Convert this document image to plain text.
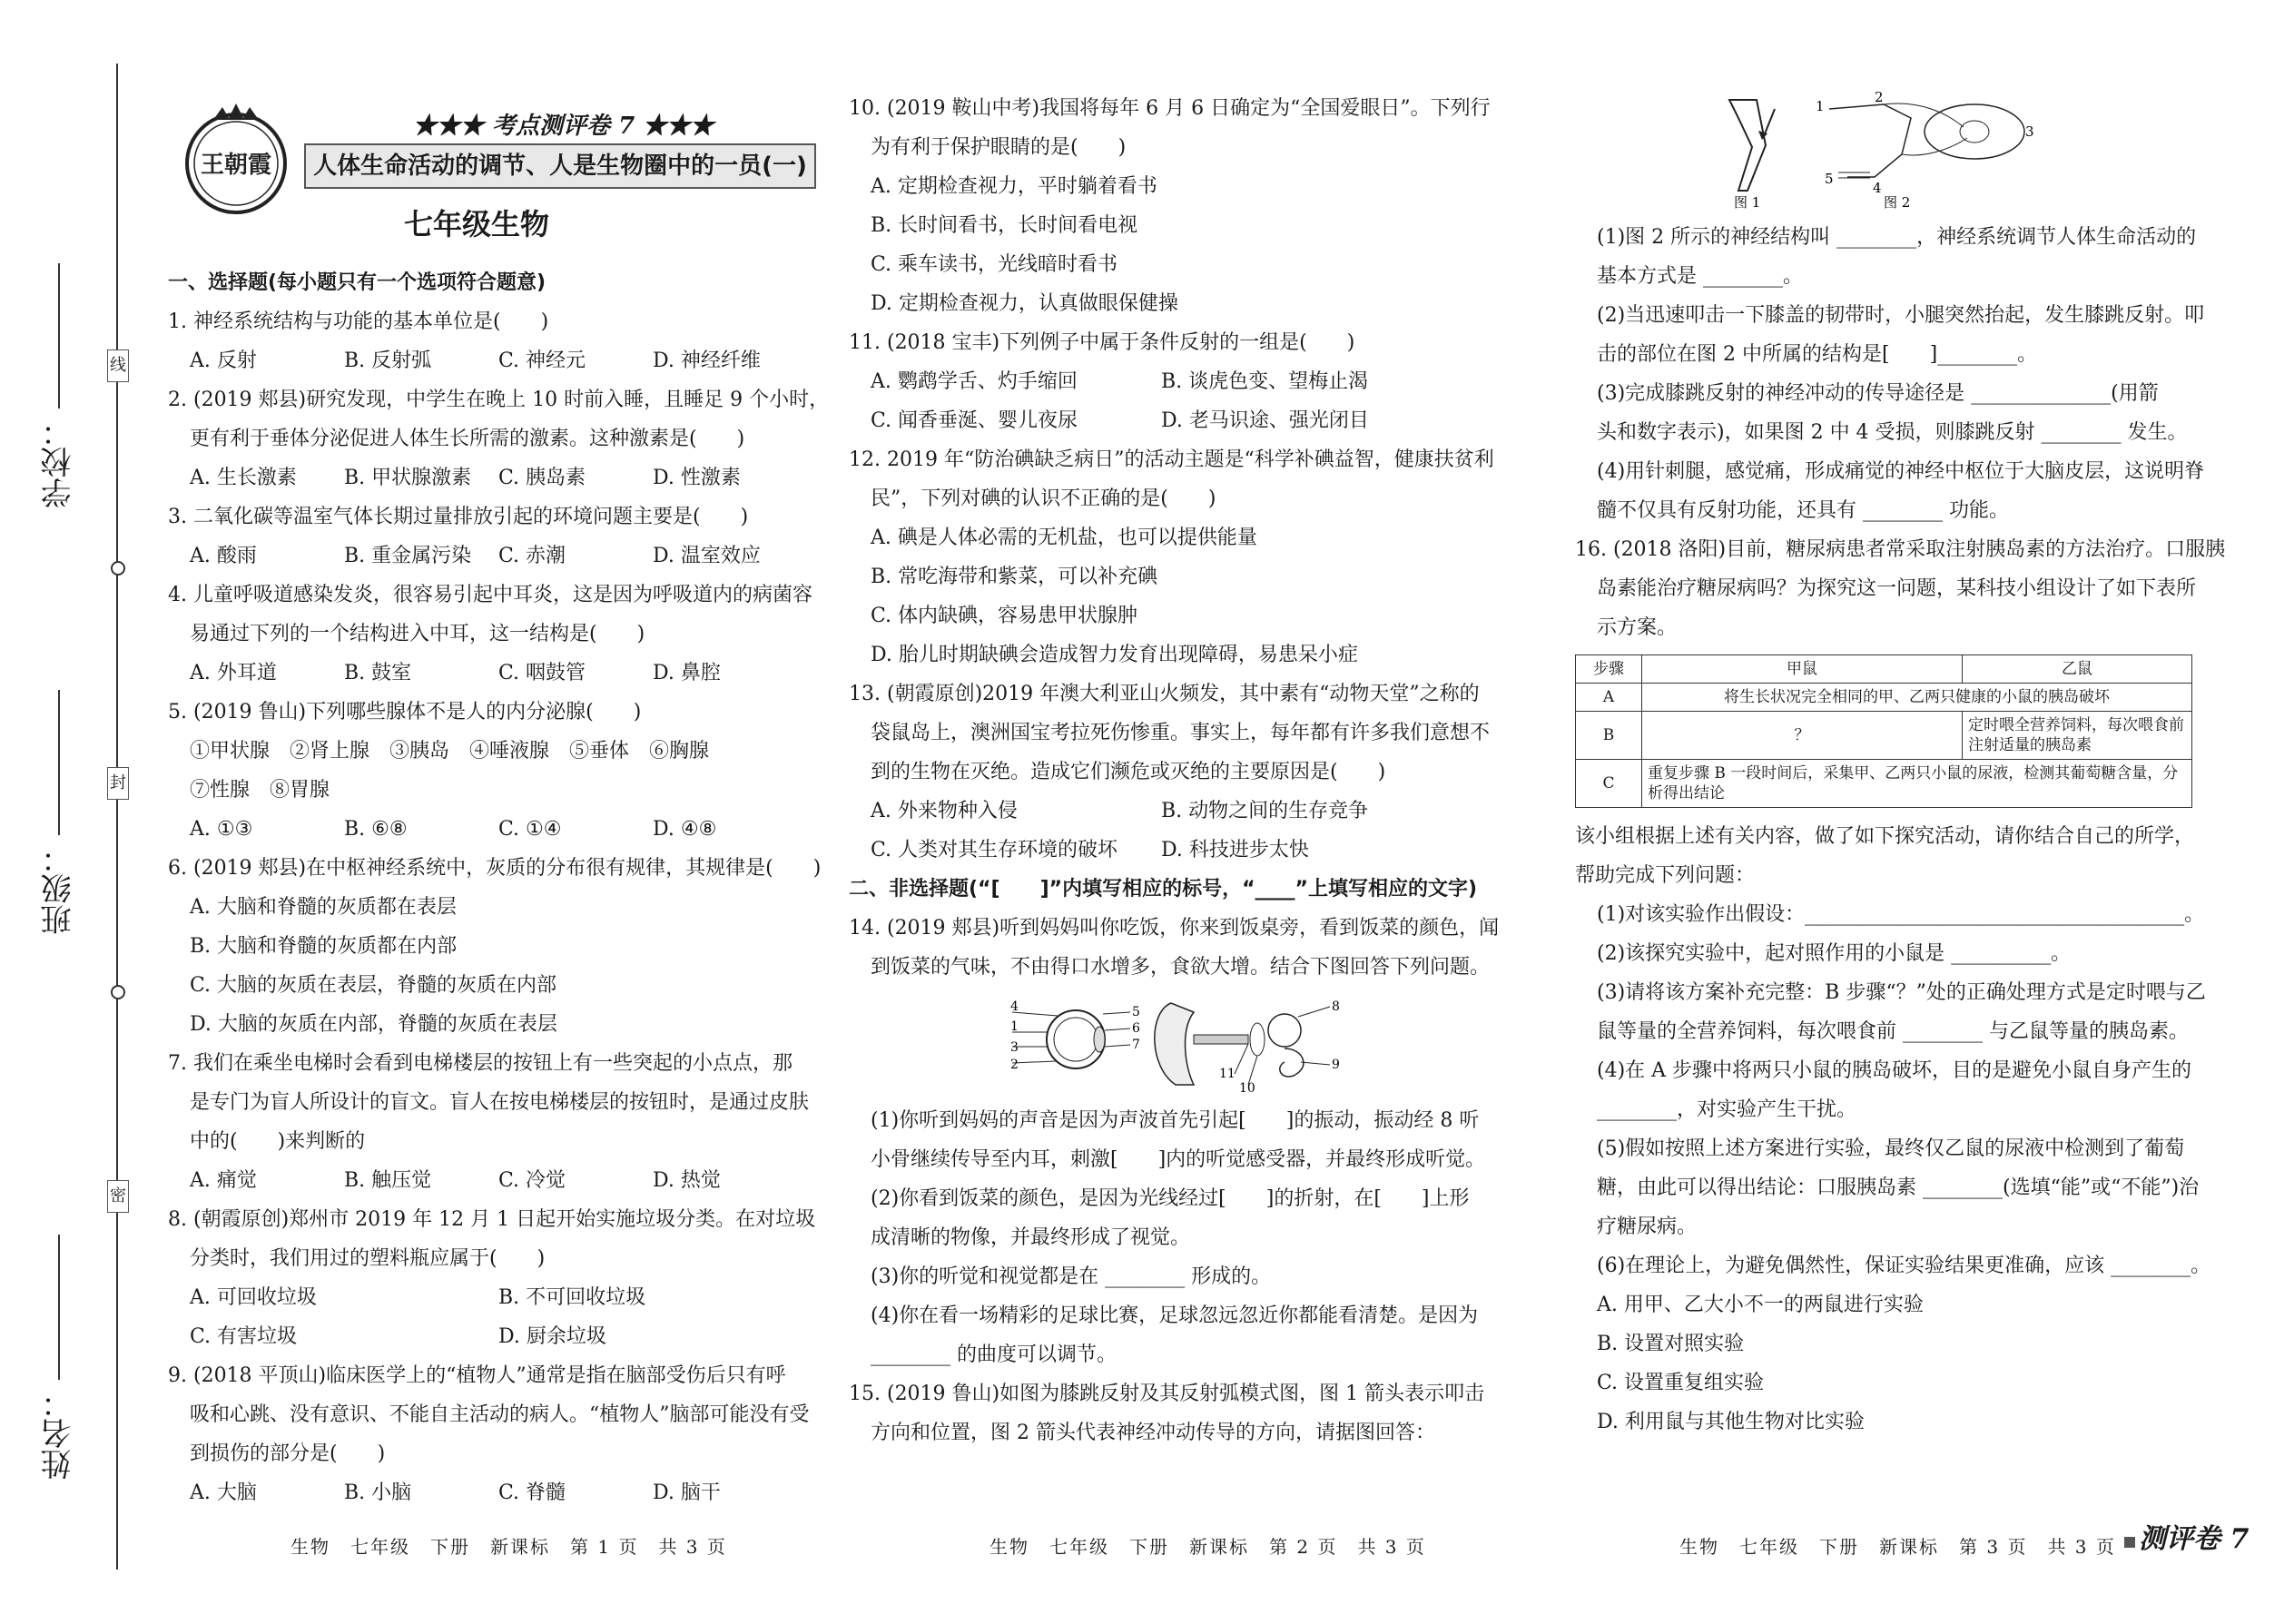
线
封
密
学校：
班级：
姓名：
王朝霞
★★★ 考点测评卷 7 ★★★
人体生命活动的调节、人是生物圈中的一员(一)
七年级生物
一、选择题(每小题只有一个选项符合题意)
1. 神经系统结构与功能的基本单位是(　　)
A. 反射	B. 反射弧	C. 神经元	D. 神经纤维
2. (2019 郏县)研究发现，中学生在晚上 10 时前入睡，且睡足 9 个小时，
更有利于垂体分泌促进人体生长所需的激素。这种激素是(　　)
A. 生长激素	B. 甲状腺激素	C. 胰岛素	D. 性激素
3. 二氧化碳等温室气体长期过量排放引起的环境问题主要是(　　)
A. 酸雨	B. 重金属污染	C. 赤潮	D. 温室效应
4. 儿童呼吸道感染发炎，很容易引起中耳炎，这是因为呼吸道内的病菌容
易通过下列的一个结构进入中耳，这一结构是(　　)
A. 外耳道	B. 鼓室	C. 咽鼓管	D. 鼻腔
5. (2019 鲁山)下列哪些腺体不是人的内分泌腺(　　)
①甲状腺　②肾上腺　③胰岛　④唾液腺　⑤垂体　⑥胸腺
⑦性腺　⑧胃腺
A. ①③	B. ⑥⑧	C. ①④	D. ④⑧
6. (2019 郏县)在中枢神经系统中，灰质的分布很有规律，其规律是(　　)
A. 大脑和脊髓的灰质都在表层
B. 大脑和脊髓的灰质都在内部
C. 大脑的灰质在表层，脊髓的灰质在内部
D. 大脑的灰质在内部，脊髓的灰质在表层
7. 我们在乘坐电梯时会看到电梯楼层的按钮上有一些突起的小点点，那
是专门为盲人所设计的盲文。盲人在按电梯楼层的按钮时，是通过皮肤
中的(　　)来判断的
A. 痛觉	B. 触压觉	C. 冷觉	D. 热觉
8. (朝霞原创)郑州市 2019 年 12 月 1 日起开始实施垃圾分类。在对垃圾
分类时，我们用过的塑料瓶应属于(　　)
A. 可回收垃圾	B. 不可回收垃圾
C. 有害垃圾	D. 厨余垃圾
9. (2018 平顶山)临床医学上的“植物人”通常是指在脑部受伤后只有呼
吸和心跳、没有意识、不能自主活动的病人。“植物人”脑部可能没有受
到损伤的部分是(　　)
A. 大脑	B. 小脑	C. 脊髓	D. 脑干
生物　七年级　下册　新课标　第 1 页　共 3 页
10. (2019 鞍山中考)我国将每年 6 月 6 日确定为“全国爱眼日”。下列行
为有利于保护眼睛的是(　　)
A. 定期检查视力，平时躺着看书
B. 长时间看书，长时间看电视
C. 乘车读书，光线暗时看书
D. 定期检查视力，认真做眼保健操
11. (2018 宝丰)下列例子中属于条件反射的一组是(　　)
A. 鹦鹉学舌、灼手缩回	B. 谈虎色变、望梅止渴
C. 闻香垂涎、婴儿夜尿	D. 老马识途、强光闭目
12. 2019 年“防治碘缺乏病日”的活动主题是“科学补碘益智，健康扶贫利
民”，下列对碘的认识不正确的是(　　)
A. 碘是人体必需的无机盐，也可以提供能量
B. 常吃海带和紫菜，可以补充碘
C. 体内缺碘，容易患甲状腺肿
D. 胎儿时期缺碘会造成智力发育出现障碍，易患呆小症
13. (朝霞原创)2019 年澳大利亚山火频发，其中素有“动物天堂”之称的
袋鼠岛上，澳洲国宝考拉死伤惨重。事实上，每年都有许多我们意想不
到的生物在灭绝。造成它们濒危或灭绝的主要原因是(　　)
A. 外来物种入侵	B. 动物之间的生存竞争
C. 人类对其生存环境的破坏	D. 科技进步太快
二、非选择题(“[　　]”内填写相应的标号，“____”上填写相应的文字)
14. (2019 郏县)听到妈妈叫你吃饭，你来到饭桌旁，看到饭菜的颜色，闻
到饭菜的气味，不由得口水增多，食欲大增。结合下图回答下列问题。
4
1
3
2
5
6
7
8
9
10
11
(1)你听到妈妈的声音是因为声波首先引起[　　]的振动，振动经 8 听
小骨继续传导至内耳，刺激[　　]内的听觉感受器，并最终形成听觉。
(2)你看到饭菜的颜色，是因为光线经过[　　]的折射，在[　　]上形
成清晰的物像，并最终形成了视觉。
(3)你的听觉和视觉都是在 ________ 形成的。
(4)你在看一场精彩的足球比赛，足球忽远忽近你都能看清楚。是因为
________ 的曲度可以调节。
15. (2019 鲁山)如图为膝跳反射及其反射弧模式图，图 1 箭头表示叩击
方向和位置，图 2 箭头代表神经冲动传导的方向，请据图回答：
生物　七年级　下册　新课标　第 2 页　共 3 页
图 1
1
2
3
4
5
图 2
(1)图 2 所示的神经结构叫 ________，神经系统调节人体生命活动的
基本方式是 ________。
(2)当迅速叩击一下膝盖的韧带时，小腿突然抬起，发生膝跳反射。叩
击的部位在图 2 中所属的结构是[　　]________。
(3)完成膝跳反射的神经冲动的传导途径是 ______________(用箭
头和数字表示)，如果图 2 中 4 受损，则膝跳反射 ________ 发生。
(4)用针刺腿，感觉痛，形成痛觉的神经中枢位于大脑皮层，这说明脊
髓不仅具有反射功能，还具有 ________ 功能。
16. (2018 洛阳)目前，糖尿病患者常采取注射胰岛素的方法治疗。口服胰
岛素能治疗糖尿病吗？为探究这一问题，某科技小组设计了如下表所
示方案。
步骤	甲鼠	乙鼠
A	将生长状况完全相同的甲、乙两只健康的小鼠的胰岛破坏	
B	？	定时喂全营养饲料，每次喂食前注射适量的胰岛素
C	重复步骤 B 一段时间后，采集甲、乙两只小鼠的尿液，检测其葡萄糖含量，分析得出结论	
该小组根据上述有关内容，做了如下探究活动，请你结合自己的所学，
帮助完成下列问题：
(1)对该实验作出假设：______________________________________。
(2)该探究实验中，起对照作用的小鼠是 __________。
(3)请将该方案补充完整：B 步骤“？”处的正确处理方式是定时喂与乙
鼠等量的全营养饲料，每次喂食前 ________ 与乙鼠等量的胰岛素。
(4)在 A 步骤中将两只小鼠的胰岛破坏，目的是避免小鼠自身产生的
________，对实验产生干扰。
(5)假如按照上述方案进行实验，最终仅乙鼠的尿液中检测到了葡萄
糖，由此可以得出结论：口服胰岛素 ________(选填“能”或“不能”)治
疗糖尿病。
(6)在理论上，为避免偶然性，保证实验结果更准确，应该 ________。
A. 用甲、乙大小不一的两鼠进行实验
B. 设置对照实验
C. 设置重复组实验
D. 利用鼠与其他生物对比实验
生物　七年级　下册　新课标　第 3 页　共 3 页 测评卷 7
